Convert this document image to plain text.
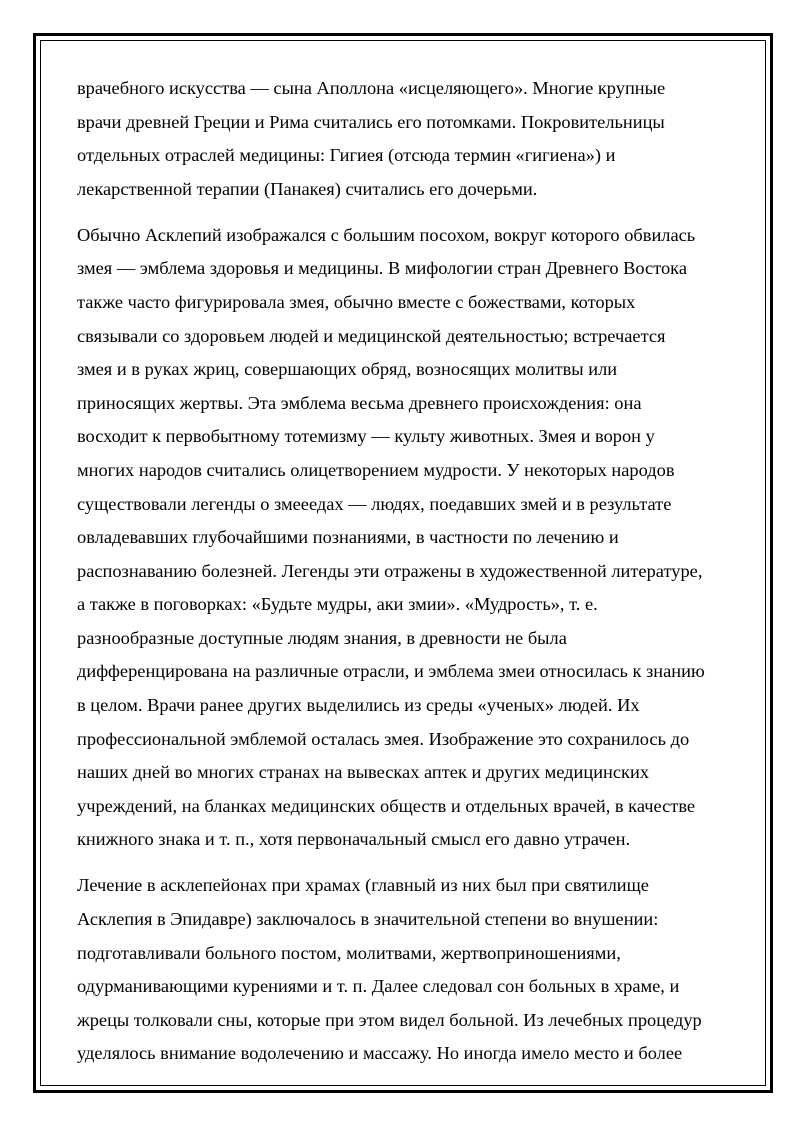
врачебного искусства — сына Аполлона «исцеляющего». Многие крупные
врачи древней Греции и Рима считались его потомками. Покровительницы
отдельных отраслей медицины: Гигиея (отсюда термин «гигиена») и
лекарственной терапии (Панакея) считались его дочерьми.

Обычно Асклепий изображался с большим посохом, вокруг которого обвилась
змея — эмблема здоровья и медицины. В мифологии стран Древнего Востока
также часто фигурировала змея, обычно вместе с божествами, которых
связывали со здоровьем людей и медицинской деятельностью; встречается
змея и в руках жриц, совершающих обряд, возносящих молитвы или
приносящих жертвы. Эта эмблема весьма древнего происхождения: она
восходит к первобытному тотемизму — культу животных. Змея и ворон у
многих народов считались олицетворением мудрости. У некоторых народов
существовали легенды о змееедах — людях, поедавших змей и в результате
овладевавших глубочайшими познаниями, в частности по лечению и
распознаванию болезней. Легенды эти отражены в художественной литературе,
а также в поговорках: «Будьте мудры, аки змии». «Мудрость», т. е.
разнообразные доступные людям знания, в древности не была
дифференцирована на различные отрасли, и эмблема змеи относилась к знанию
в целом. Врачи ранее других выделились из среды «ученых» людей. Их
профессиональной эмблемой осталась змея. Изображение это сохранилось до
наших дней во многих странах на вывесках аптек и других медицинских
учреждений, на бланках медицинских обществ и отдельных врачей, в качестве
книжного знака и т. п., хотя первоначальный смысл его давно утрачен.

Лечение в асклепейонах при храмах (главный из них был при святилище
Асклепия в Эпидавре) заключалось в значительной степени во внушении:
подготавливали больного постом, молитвами, жертвоприношениями,
одурманивающими курениями и т. п. Далее следовал сон больных в храме, и
жрецы толковали сны, которые при этом видел больной. Из лечебных процедур
уделялось внимание водолечению и массажу. Но иногда имело место и более
